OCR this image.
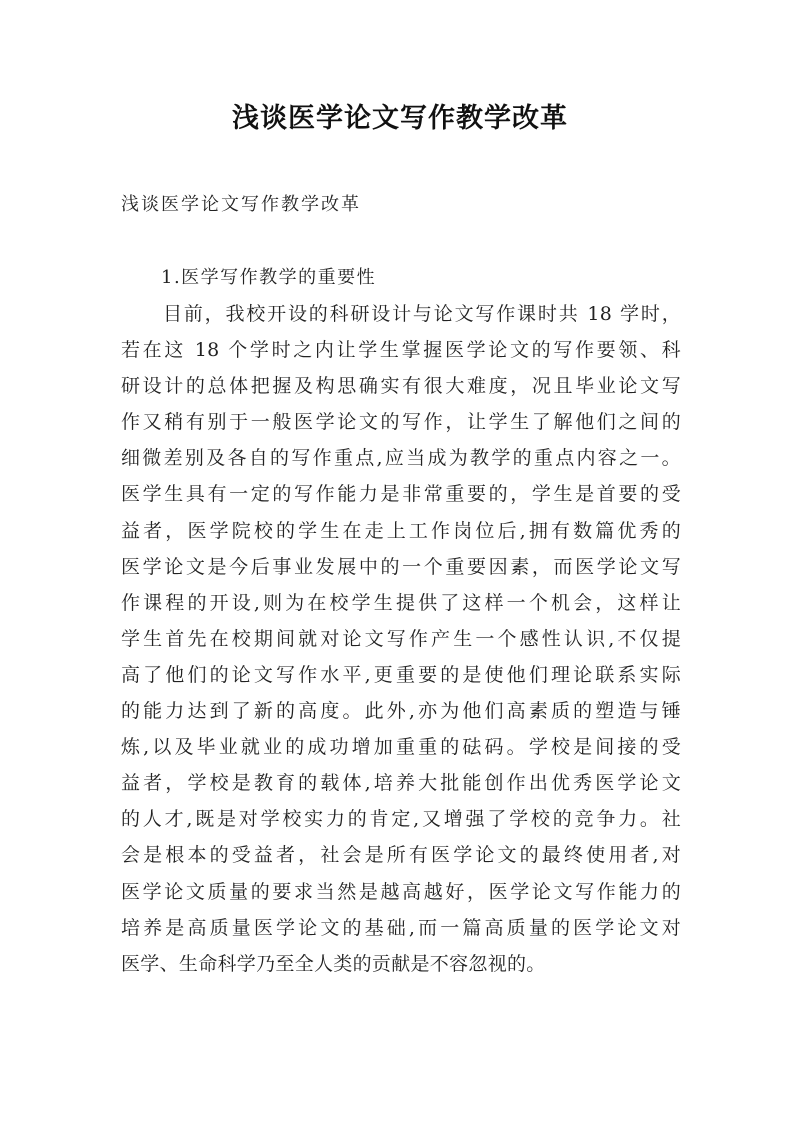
浅谈医学论文写作教学改革

浅谈医学论文写作教学改革

1.医学写作教学的重要性

目前，我校开设的科研设计与论文写作课时共 18 学时，
若在这 18 个学时之内让学生掌握医学论文的写作要领、科
研设计的总体把握及构思确实有很大难度，况且毕业论文写
作又稍有别于一般医学论文的写作，让学生了解他们之间的
细微差别及各自的写作重点,应当成为教学的重点内容之一。
医学生具有一定的写作能力是非常重要的，学生是首要的受
益者，医学院校的学生在走上工作岗位后,拥有数篇优秀的
医学论文是今后事业发展中的一个重要因素，而医学论文写
作课程的开设,则为在校学生提供了这样一个机会，这样让
学生首先在校期间就对论文写作产生一个感性认识,不仅提
高了他们的论文写作水平,更重要的是使他们理论联系实际
的能力达到了新的高度。此外,亦为他们高素质的塑造与锤
炼,以及毕业就业的成功增加重重的砝码。学校是间接的受
益者，学校是教育的载体,培养大批能创作出优秀医学论文
的人才,既是对学校实力的肯定,又增强了学校的竞争力。社
会是根本的受益者，社会是所有医学论文的最终使用者,对
医学论文质量的要求当然是越高越好，医学论文写作能力的
培养是高质量医学论文的基础,而一篇高质量的医学论文对
医学、生命科学乃至全人类的贡献是不容忽视的。
